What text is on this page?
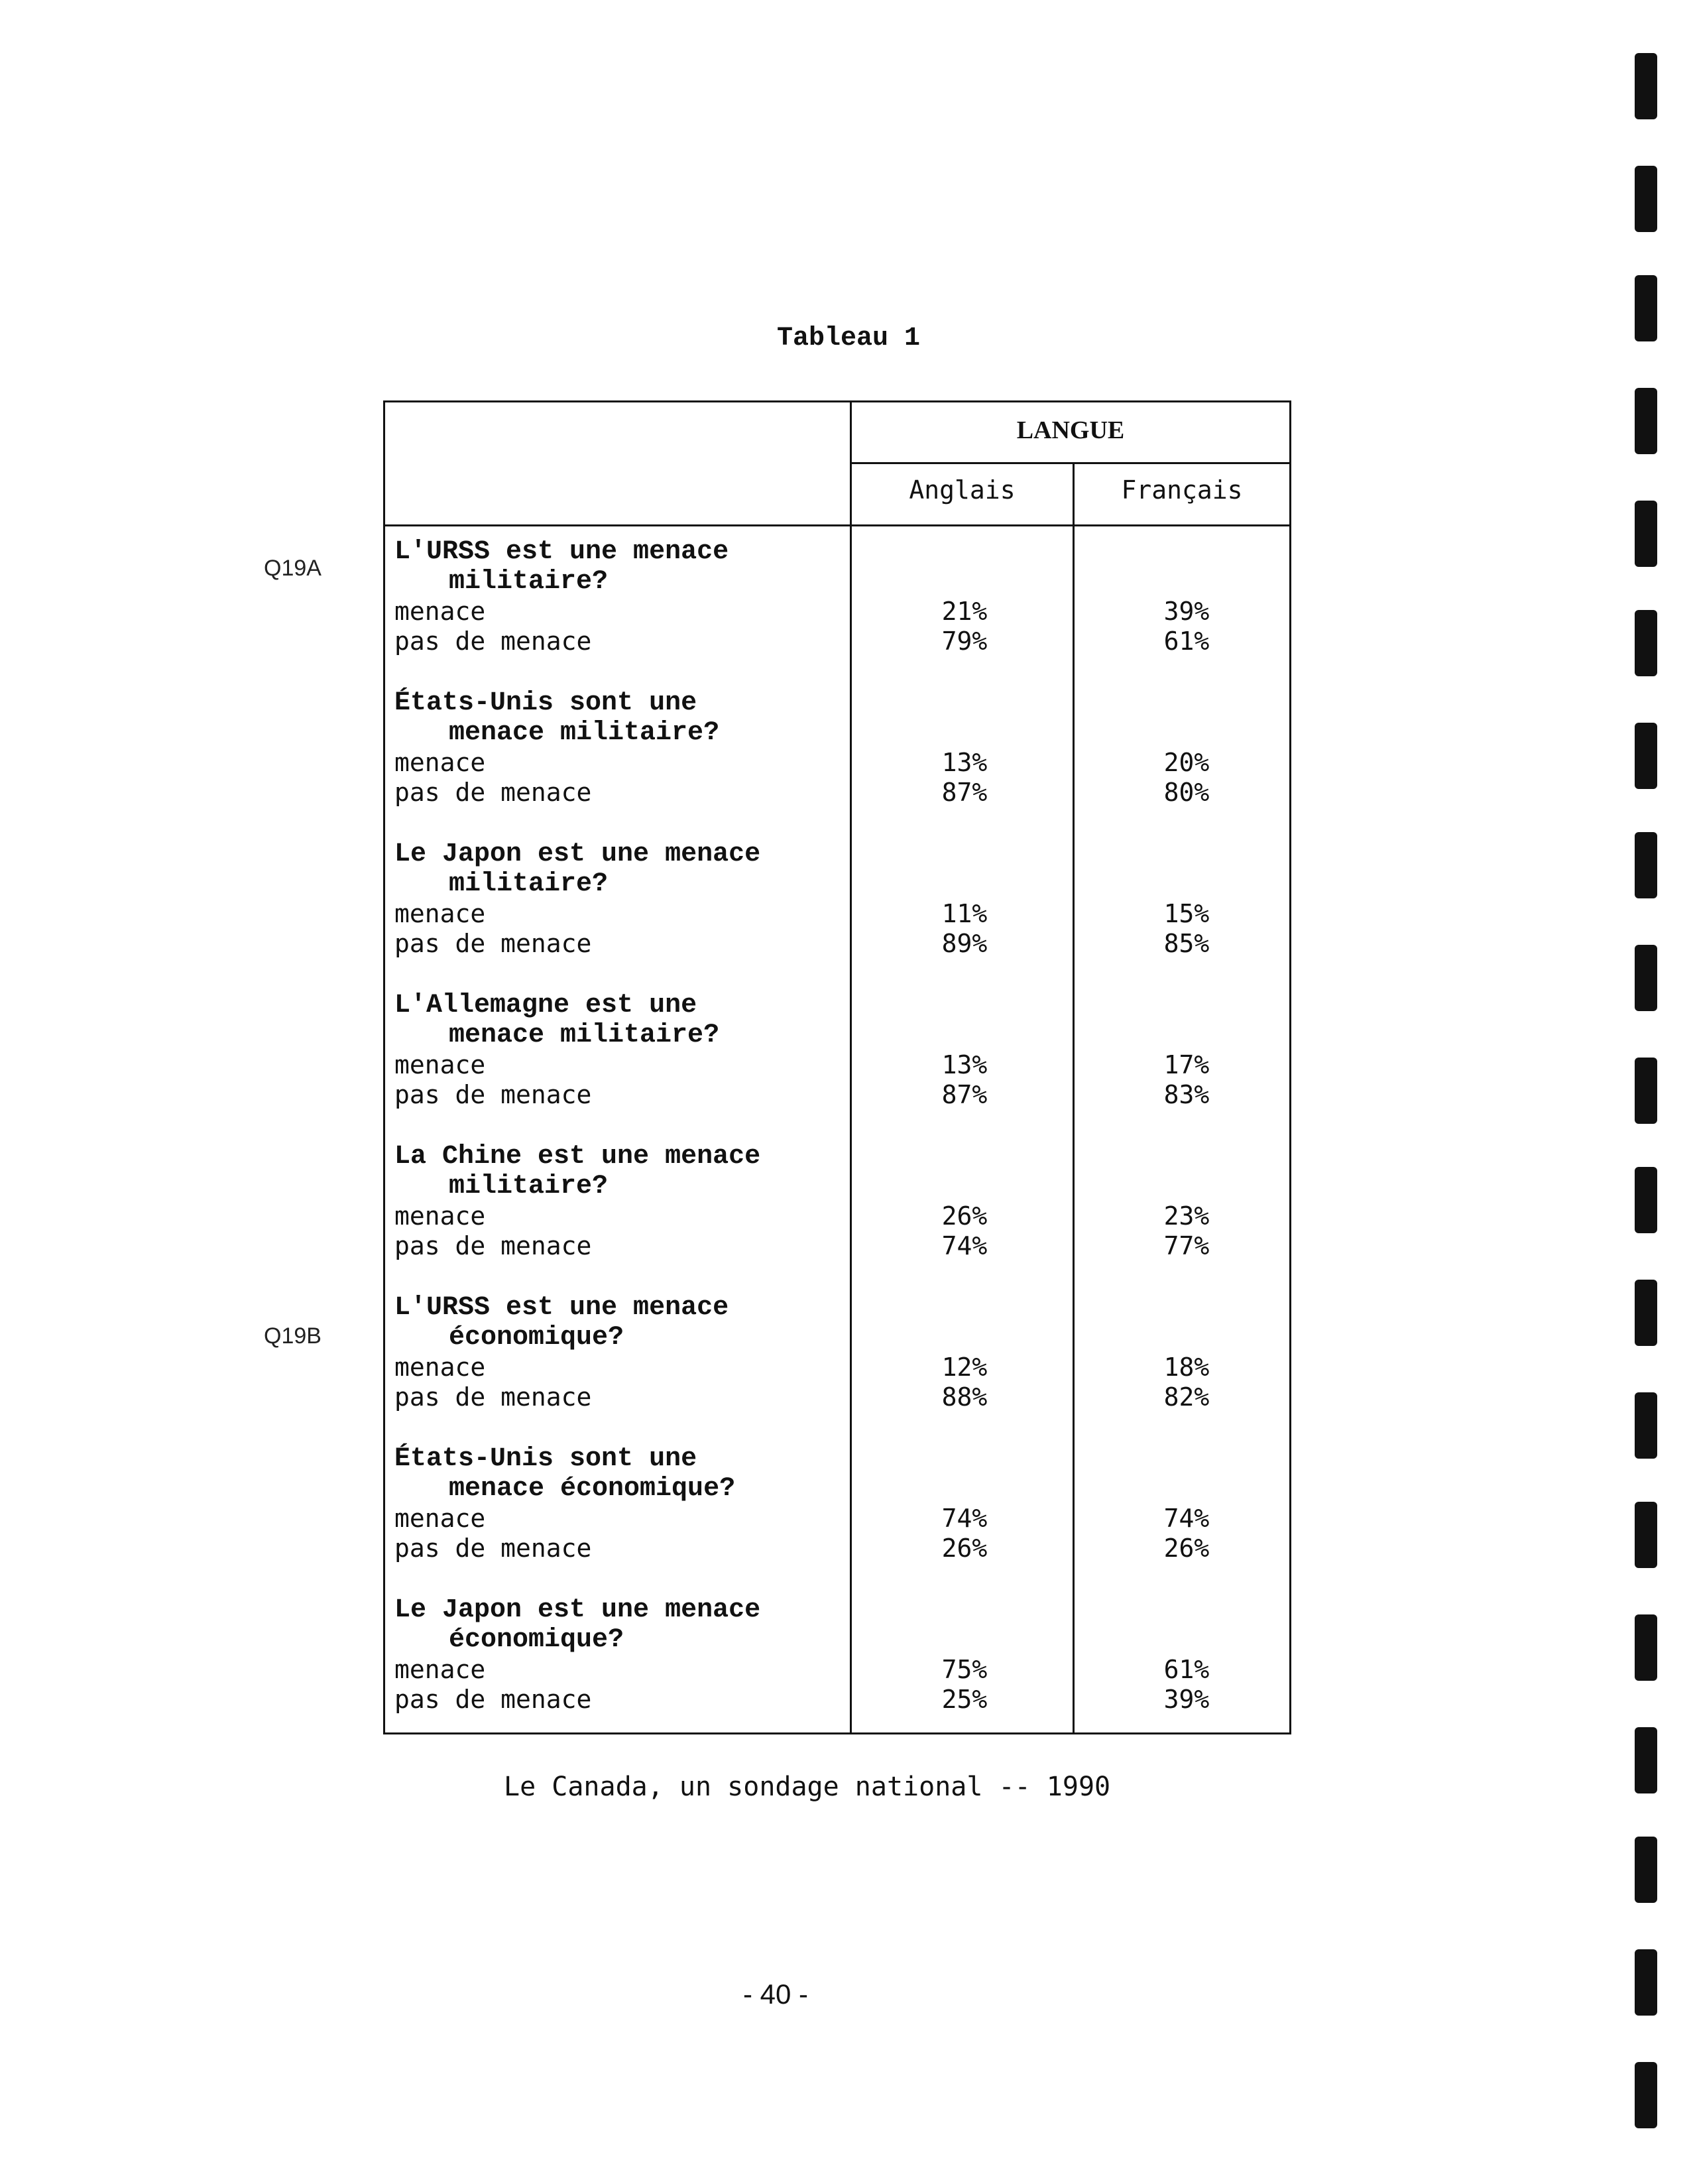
Tableau 1
Q19A
Q19B
LANGUE
Anglais	Français
L'URSS est une menace
militaire?
menace
pas de menace
21%
79%
39%
61%
États-Unis sont une
menace militaire?
menace
pas de menace
13%
87%
20%
80%
Le Japon est une menace
militaire?
menace
pas de menace
11%
89%
15%
85%
L'Allemagne est une
menace militaire?
menace
pas de menace
13%
87%
17%
83%
La Chine est une menace
militaire?
menace
pas de menace
26%
74%
23%
77%
L'URSS est une menace
économique?
menace
pas de menace
12%
88%
18%
82%
États-Unis sont une
menace économique?
menace
pas de menace
74%
26%
74%
26%
Le Japon est une menace
économique?
menace
pas de menace
75%
25%
61%
39%
Le Canada, un sondage national -- 1990
- 40 -
